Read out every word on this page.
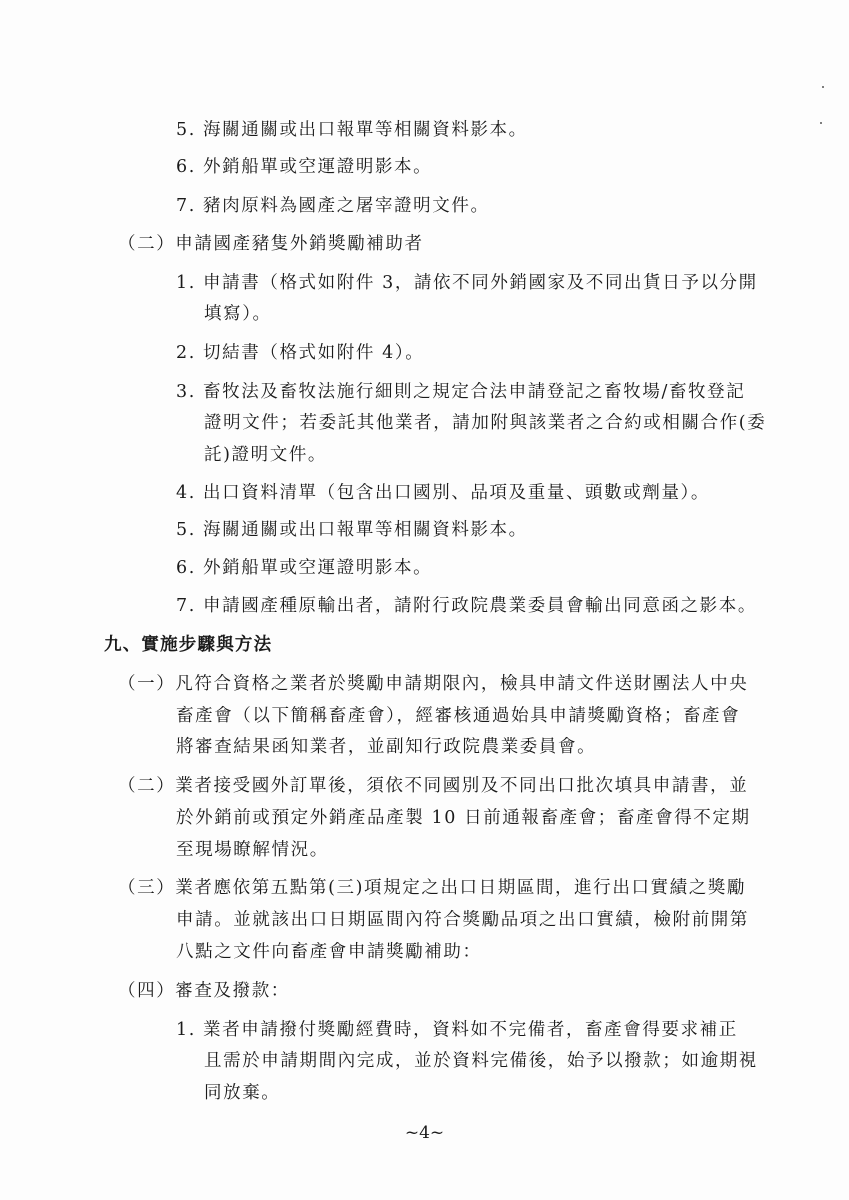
5. 海關通關或出口報單等相關資料影本。
6. 外銷船單或空運證明影本。
7. 豬肉原料為國產之屠宰證明文件。
（二）申請國產豬隻外銷獎勵補助者
1. 申請書（格式如附件 3，請依不同外銷國家及不同出貨日予以分開
填寫）。
2. 切結書（格式如附件 4）。
3. 畜牧法及畜牧法施行細則之規定合法申請登記之畜牧場/畜牧登記
證明文件；若委託其他業者，請加附與該業者之合約或相關合作(委
託)證明文件。
4. 出口資料清單（包含出口國別、品項及重量、頭數或劑量）。
5. 海關通關或出口報單等相關資料影本。
6. 外銷船單或空運證明影本。
7. 申請國產種原輸出者，請附行政院農業委員會輸出同意函之影本。
九、實施步驟與方法
（一）凡符合資格之業者於獎勵申請期限內，檢具申請文件送財團法人中央
畜產會（以下簡稱畜產會），經審核通過始具申請獎勵資格；畜產會
將審查結果函知業者，並副知行政院農業委員會。
（二）業者接受國外訂單後，須依不同國別及不同出口批次填具申請書，並
於外銷前或預定外銷產品產製 10 日前通報畜產會；畜產會得不定期
至現場瞭解情況。
（三）業者應依第五點第(三)項規定之出口日期區間，進行出口實績之獎勵
申請。並就該出口日期區間內符合獎勵品項之出口實績，檢附前開第
八點之文件向畜產會申請獎勵補助：
（四）審查及撥款：
1. 業者申請撥付獎勵經費時，資料如不完備者，畜產會得要求補正
且需於申請期間內完成，並於資料完備後，始予以撥款；如逾期視
同放棄。
~4~
